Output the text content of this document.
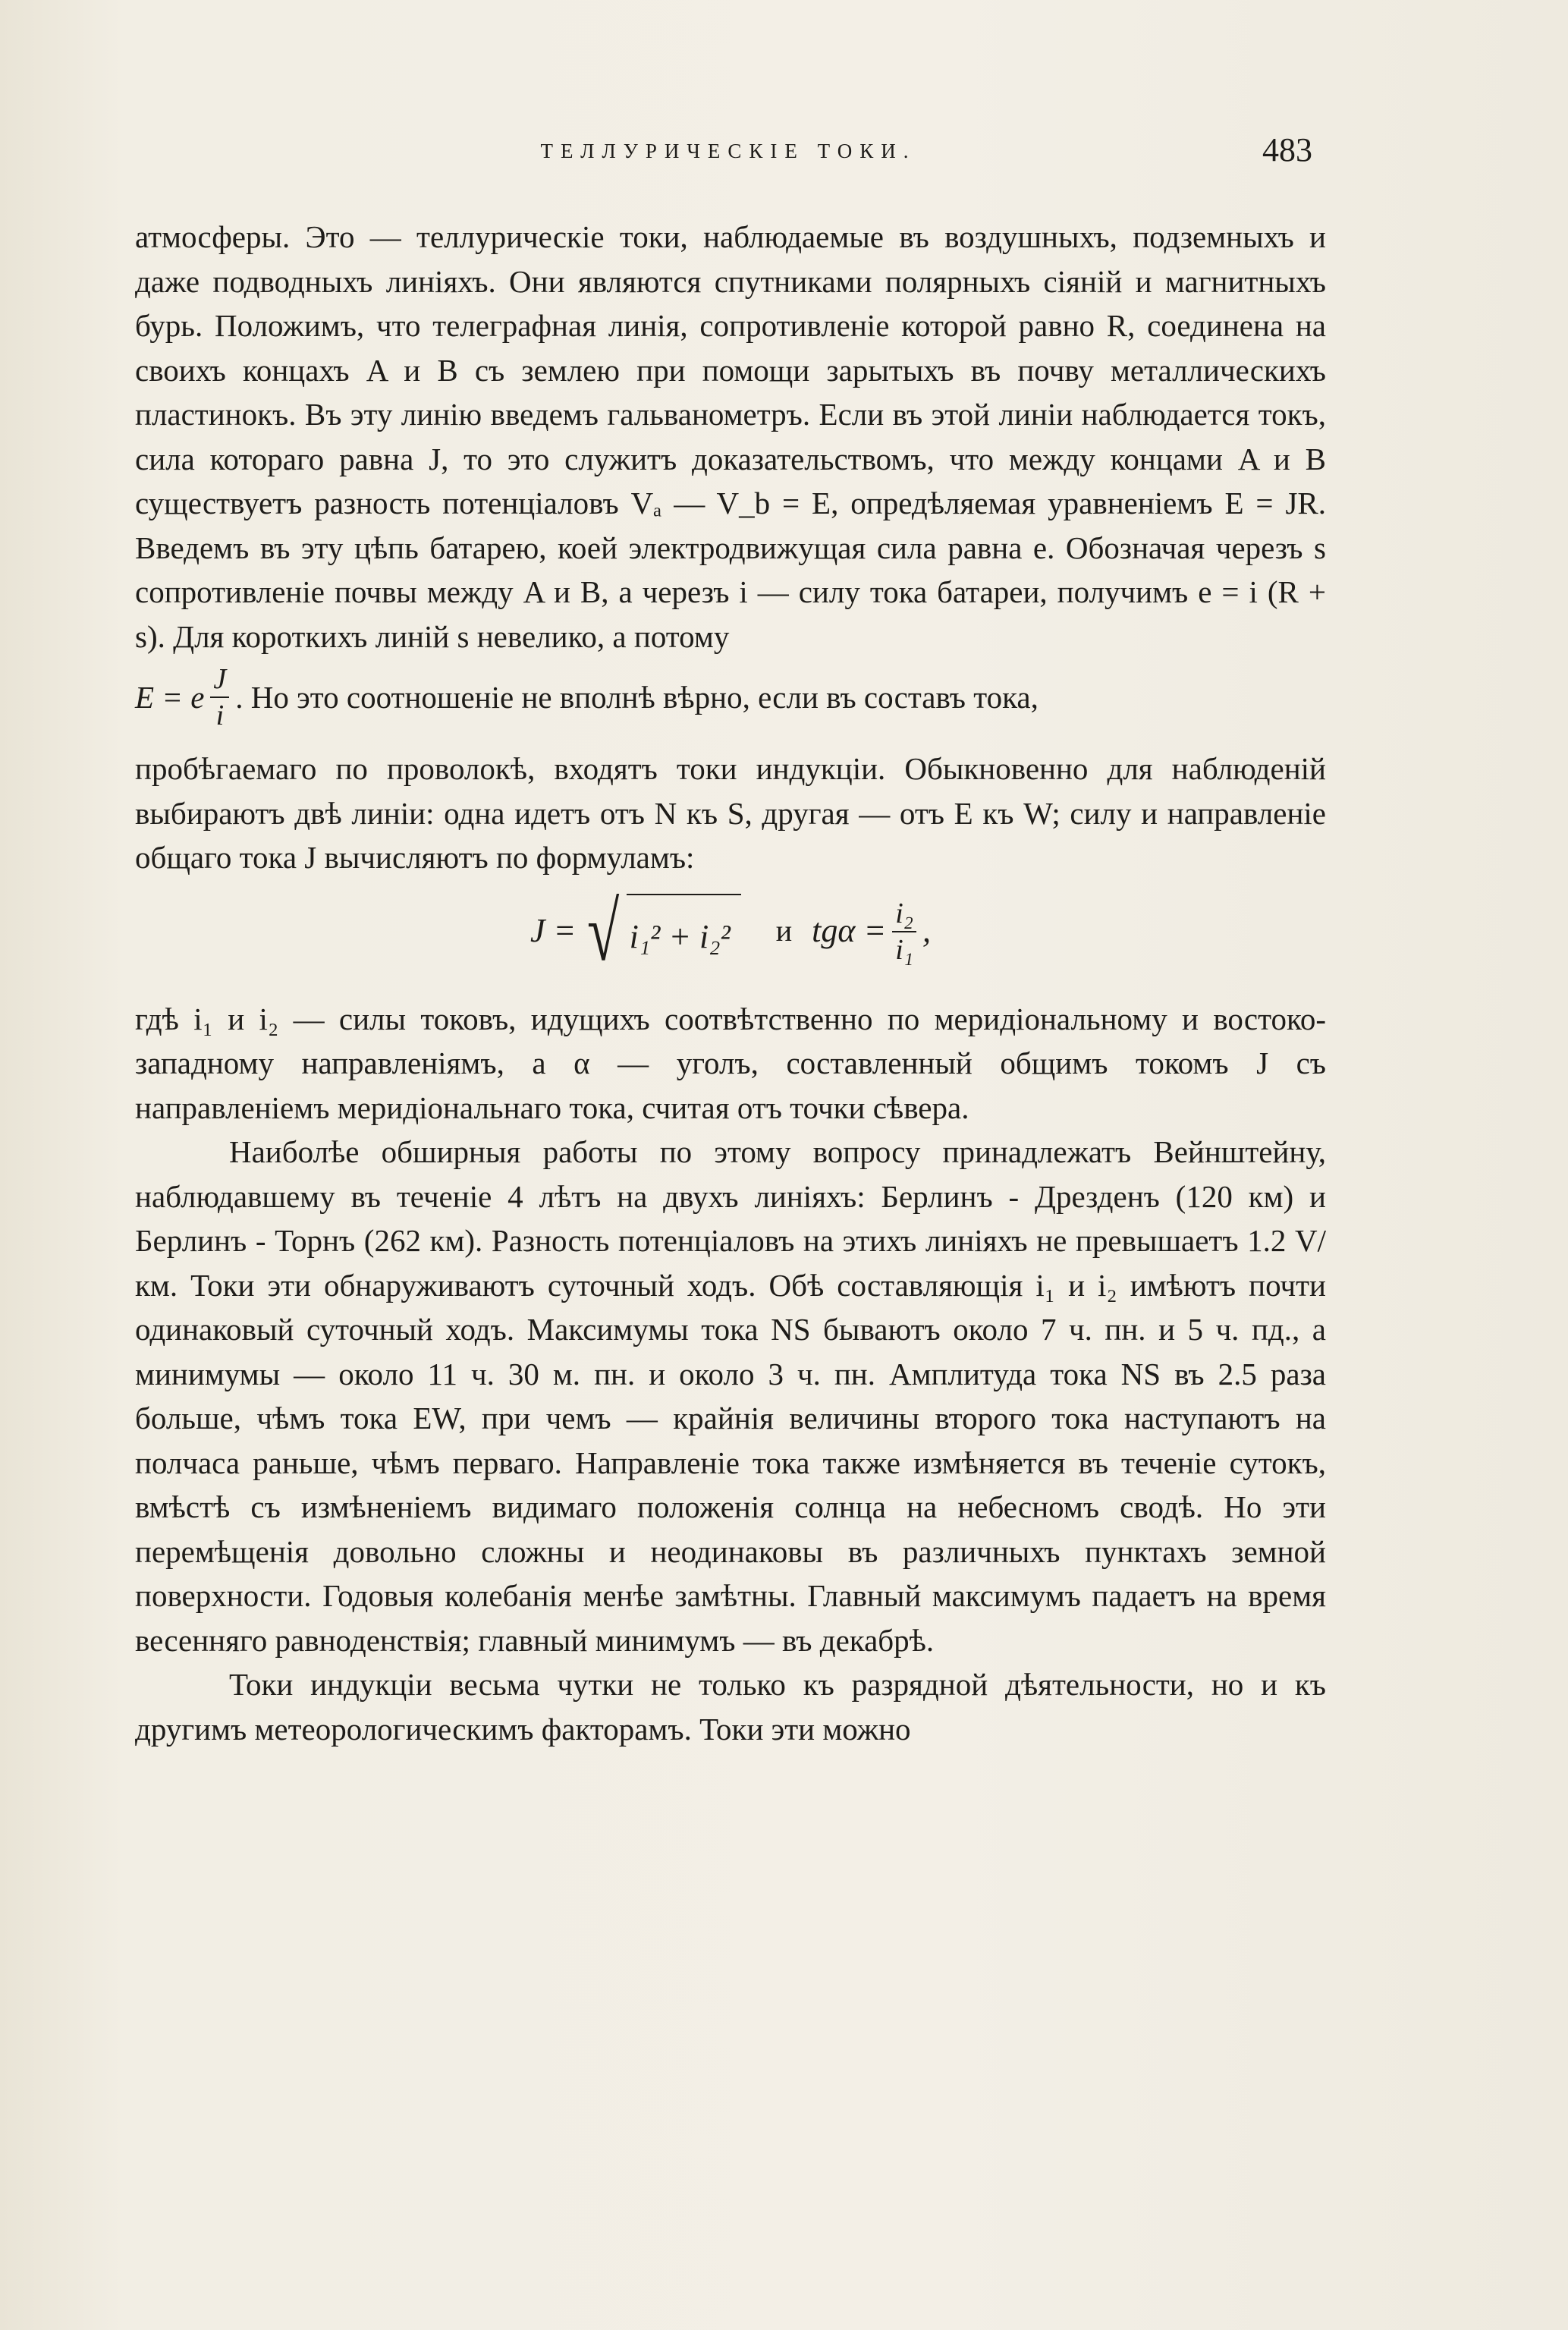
ТЕЛЛУРИЧЕСКІЕ ТОКИ.	483

атмосферы. Это — теллурическіе токи, наблюдаемые въ воздушныхъ, подземныхъ и даже подводныхъ линіяхъ. Они являются спутниками полярныхъ сіяній и магнитныхъ бурь. Положимъ, что телеграфная линія, сопротивленіе которой равно R, соединена на своихъ концахъ A и B съ землею при помощи зарытыхъ въ почву металлическихъ пластинокъ. Въ эту линію введемъ гальванометръ. Если въ этой линіи наблюдается токъ, сила котораго равна J, то это служитъ доказательствомъ, что между концами A и B существуетъ разность потенціаловъ Vₐ — V_b = E, опредѣляемая уравненіемъ E = JR. Введемъ въ эту цѣпь батарею, коей электродвижущая сила равна e. Обозначая черезъ s сопротивленіе почвы между A и B, а черезъ i — силу тока батареи, получимъ e = i (R + s). Для короткихъ линій s невелико, а потому

E = e $\frac{J}{i}$ . Но это соотношеніе не вполнѣ вѣрно, если въ составъ тока,

пробѣгаемаго по проволокѣ, входятъ токи индукціи. Обыкновенно для наблюденій выбираютъ двѣ линіи: одна идетъ отъ N къ S, другая — отъ E къ W; силу и направленіе общаго тока J вычисляютъ по формуламъ:

J = √ i₁² + i₂²	и $tg\alpha = \frac{\text{i₂}}{\text{i₁}}$ ,

гдѣ i₁ и i₂ — силы токовъ, идущихъ соотвѣтственно по меридіональному и востоко-западному направленіямъ, а α — уголъ, составленный общимъ токомъ J съ направленіемъ меридіональнаго тока, считая отъ точки сѣвера.

Наиболѣе обширныя работы по этому вопросу принадлежатъ Вейнштейну, наблюдавшему въ теченіе 4 лѣтъ на двухъ линіяхъ: Берлинъ - Дрезденъ (120 км) и Берлинъ - Торнъ (262 км). Разность потенціаловъ на этихъ линіяхъ не превышаетъ 1.2 V/км. Токи эти обнаруживаютъ суточный ходъ. Обѣ составляющія i₁ и i₂ имѣютъ почти одинаковый суточный ходъ. Максимумы тока NS бываютъ около 7 ч. пн. и 5 ч. пд., а минимумы — около 11 ч. 30 м. пн. и около 3 ч. пн. Амплитуда тока NS въ 2.5 раза больше, чѣмъ тока EW, при чемъ — крайнія величины второго тока наступаютъ на полчаса раньше, чѣмъ перваго. Направленіе тока также измѣняется въ теченіе сутокъ, вмѣстѣ съ измѣненіемъ видимаго положенія солнца на небесномъ сводѣ. Но эти перемѣщенія довольно сложны и неодинаковы въ различныхъ пунктахъ земной поверхности. Годовыя колебанія менѣе замѣтны. Главный максимумъ падаетъ на время весенняго равноденствія; главный минимумъ — въ декабрѣ.

Токи индукціи весьма чутки не только къ разрядной дѣятельности, но и къ другимъ метеорологическимъ факторамъ. Токи эти можно
